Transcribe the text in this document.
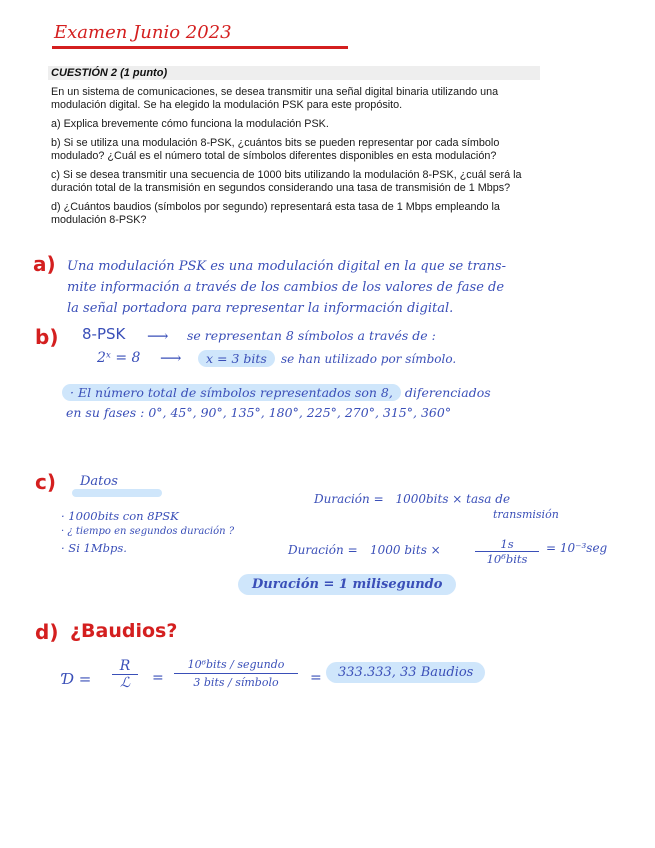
Examen Junio 2023
CUESTIÓN 2 (1 punto)
En un sistema de comunicaciones, se desea transmitir una señal digital binaria utilizando una
modulación digital. Se ha elegido la modulación PSK para este propósito.
a) Explica brevemente cómo funciona la modulación PSK.
b) Si se utiliza una modulación 8-PSK, ¿cuántos bits se pueden representar por cada símbolo
modulado? ¿Cuál es el número total de símbolos diferentes disponibles en esta modulación?
c) Si se desea transmitir una secuencia de 1000 bits utilizando la modulación 8-PSK, ¿cuál será la
duración total de la transmisión en segundos considerando una tasa de transmisión de 1 Mbps?
d) ¿Cuántos baudios (símbolos por segundo) representará esta tasa de 1 Mbps empleando la
modulación 8-PSK?
a) Una modulación PSK es una modulación digital en la que se trans-
mite información a través de los cambios de los valores de fase de
la señal portadora para representar la información digital.
b) 8-PSK ⟶ se representan 8 símbolos a través de :
2ˣ = 8 ⟶	x = 3 bits	se han utilizado por símbolo.
· El número total de símbolos representados son 8, diferenciados
en su fases : 0°, 45°, 90°, 135°, 180°, 225°, 270°, 315°, 360°
c) Datos
· 1000bits con 8PSK
· ¿ tiempo en segundos duración ?
· Si 1Mbps.
Duración = 1000bits × tasa de
transmisión
Duración = 1000 bits ×	1s
10⁶bits
= 10⁻³seg
Duración = 1 milisegundo
d) ¿Baudios?
Ɗ =
R
ℒ	=
10⁶bits / segundo
3 bits / símbolo	=	333.333, 33 Baudios
